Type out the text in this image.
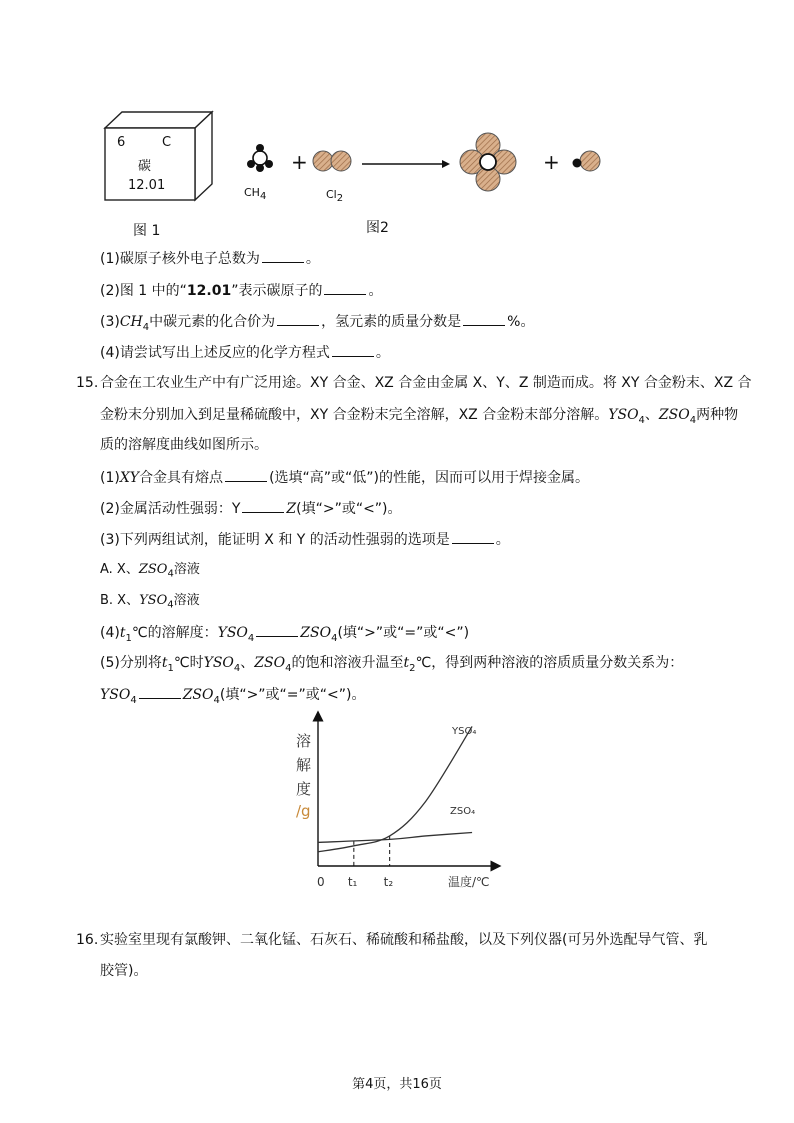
6	C
碳
12.01
图 1
+	+
$CH_4$	$Cl_2$
图2
(1)碳原子核外电子总数为	。
(2)图 1 中的“12.01”表示碳原子的	。
$(3)CH_4$中碳元素的化合价为	，氢元素的质量分数是	%。
(4)请尝试写出上述反应的化学方程式	。
15. 合金在工农业生产中有广泛用途。XY 合金、XZ 合金由金属 X、Y、Z 制造而成。将 XY 合金粉末、XZ 合
金粉末分别加入到足量稀硫酸中，XY 合金粉末完全溶解，XZ 合金粉末部分溶解。$YSO_4$、$ZSO_4$两种物
质的溶解度曲线如图所示。
(1)XY合金具有熔点	(选填“高”或“低”)的性能，因而可以用于焊接金属。
(2)金属活动性强弱：Y	Z(填“>”或“<”)。
(3)下列两组试剂，能证明 X 和 Y 的活动性强弱的选项是	。
A. X、$ZSO_4$溶液
B. X、$YSO_4$溶液
$(4)t_1℃$的溶解度：$YSO_4$	$ZSO_4$(填“>”或“=”或“<”)
(5)分别将$t_1℃$时$YSO_4$、$ZSO_4$的饱和溶液升温至$t_2℃$，得到两种溶液的溶质质量分数关系为：
$YSO_4$	$ZSO_4$(填“>”或“=”或“<”)。
溶
解
度
/g
0 t₁ t₂	温度/℃
YSO₄
ZSO₄
16. 实验室里现有氯酸钾、二氧化锰、石灰石、稀硫酸和稀盐酸，以及下列仪器(可另外选配导气管、乳
胶管)。
第4页，共16页
